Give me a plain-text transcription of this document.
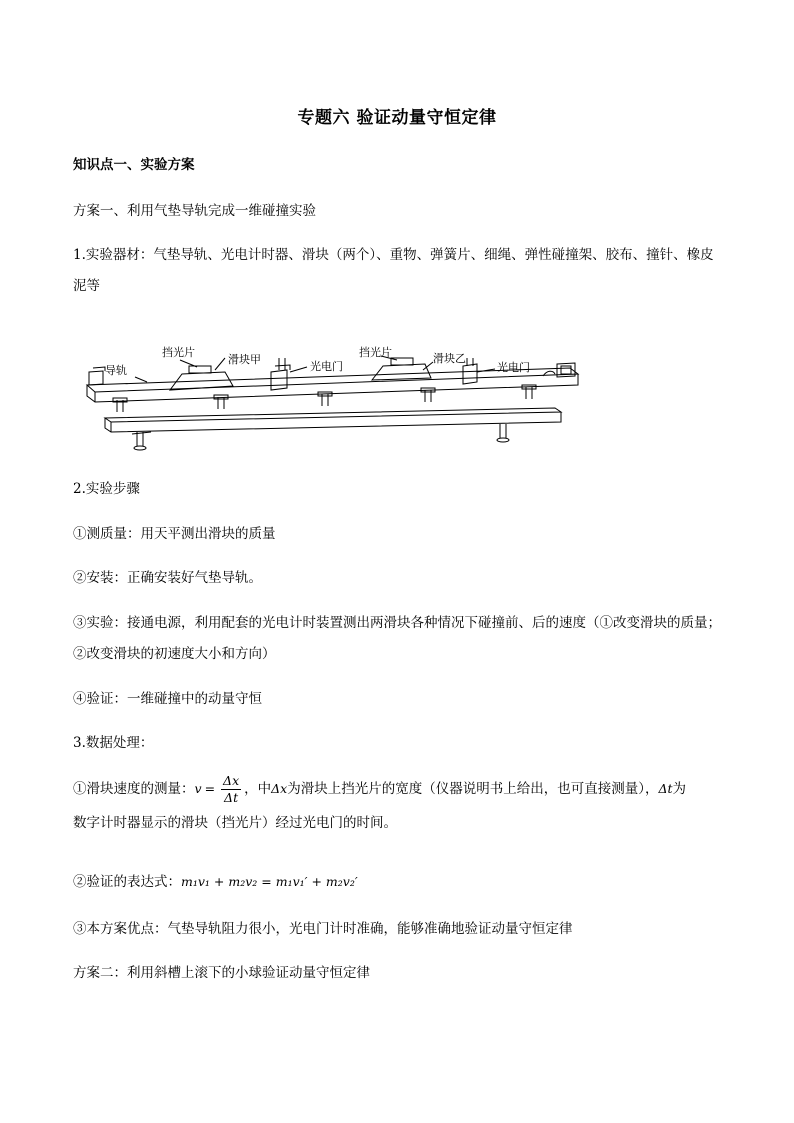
专题六 验证动量守恒定律
知识点一、实验方案
方案一、利用气垫导轨完成一维碰撞实验
1.实验器材：气垫导轨、光电计时器、滑块（两个）、重物、弹簧片、细绳、弹性碰撞架、胶布、撞针、橡皮泥等
导轨
挡光片
滑块甲
光电门
挡光片	滑块乙
光电门
2.实验步骤
①测质量：用天平测出滑块的质量
②安装：正确安装好气垫导轨。
③实验：接通电源，利用配套的光电计时装置测出两滑块各种情况下碰撞前、后的速度（①改变滑块的质量；②改变滑块的初速度大小和方向）
④验证：一维碰撞中的动量守恒
3.数据处理：
①滑块速度的测量：$v = \frac{\Delta x}{\Delta t}$ ，中Δx为滑块上挡光片的宽度（仪器说明书上给出，也可直接测量），Δt为
数字计时器显示的滑块（挡光片）经过光电门的时间。
②验证的表达式：m₁v₁ + m₂v₂ = m₁v₁′ + m₂v₂′
③本方案优点：气垫导轨阻力很小，光电门计时准确，能够准确地验证动量守恒定律
方案二：利用斜槽上滚下的小球验证动量守恒定律
